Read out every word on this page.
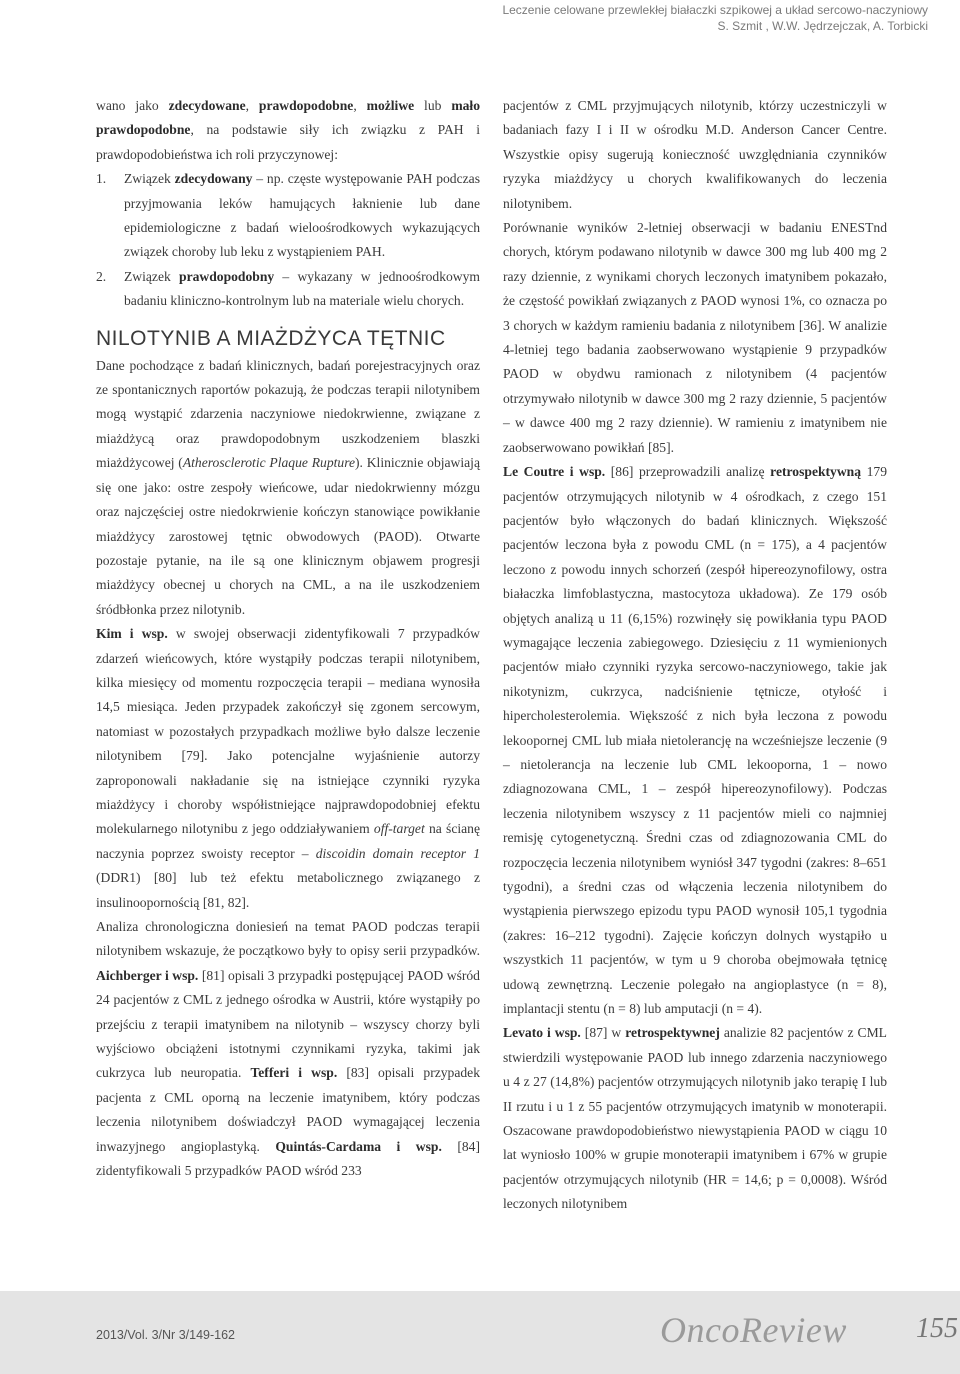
Leczenie celowane przewlekłej białaczki szpikowej a układ sercowo-naczyniowy
S. Szmit , W.W. Jędrzejczak, A. Torbicki

wano jako zdecydowane, prawdopodobne, możliwe lub mało prawdopodobne, na podstawie siły ich związku z PAH i prawdopodobieństwa ich roli przyczynowej:

1. Związek zdecydowany – np. częste występowanie PAH podczas przyjmowania leków hamujących łaknienie lub dane epidemiologiczne z badań wieloośrodkowych wykazujących związek choroby lub leku z wystąpieniem PAH.
2. Związek prawdopodobny – wykazany w jednoośrodkowym badaniu kliniczno-kontrolnym lub na materiale wielu chorych.
NILOTYNIB A MIAŻDŻYCA TĘTNIC

Dane pochodzące z badań klinicznych, badań porejestracyjnych oraz ze spontanicznych raportów pokazują, że podczas terapii nilotynibem mogą wystąpić zdarzenia naczyniowe niedokrwienne, związane z miażdżycą oraz prawdopodobnym uszkodzeniem blaszki miażdżycowej (Atherosclerotic Plaque Rupture). Klinicznie objawiają się one jako: ostre zespoły wieńcowe, udar niedokrwienny mózgu oraz najczęściej ostre niedokrwienie kończyn stanowiące powikłanie miażdżycy zarostowej tętnic obwodowych (PAOD). Otwarte pozostaje pytanie, na ile są one klinicznym objawem progresji miażdżycy obecnej u chorych na CML, a na ile uszkodzeniem śródbłonka przez nilotynib.

Kim i wsp. w swojej obserwacji zidentyfikowali 7 przypadków zdarzeń wieńcowych, które wystąpiły podczas terapii nilotynibem, kilka miesięcy od momentu rozpoczęcia terapii – mediana wynosiła 14,5 miesiąca. Jeden przypadek zakończył się zgonem sercowym, natomiast w pozostałych przypadkach możliwe było dalsze leczenie nilotynibem [79]. Jako potencjalne wyjaśnienie autorzy zaproponowali nakładanie się na istniejące czynniki ryzyka miażdżycy i choroby współistniejące najprawdopodobniej efektu molekularnego nilotynibu z jego oddziaływaniem off-target na ścianę naczynia poprzez swoisty receptor – discoidin domain receptor 1 (DDR1) [80] lub też efektu metabolicznego związanego z insulinoopornością [81, 82].

Analiza chronologiczna doniesień na temat PAOD podczas terapii nilotynibem wskazuje, że początkowo były to opisy serii przypadków. Aichberger i wsp. [81] opisali 3 przypadki postępującej PAOD wśród 24 pacjentów z CML z jednego ośrodka w Austrii, które wystąpiły po przejściu z terapii imatynibem na nilotynib – wszyscy chorzy byli wyjściowo obciążeni istotnymi czynnikami ryzyka, takimi jak cukrzyca lub neuropatia. Tefferi i wsp. [83] opisali przypadek pacjenta z CML oporną na leczenie imatynibem, który podczas leczenia nilotynibem doświadczył PAOD wymagającej leczenia inwazyjnego angioplastyką. Quintás-Cardama i wsp. [84] zidentyfikowali 5 przypadków PAOD wśród 233

pacjentów z CML przyjmujących nilotynib, którzy uczestniczyli w badaniach fazy I i II w ośrodku M.D. Anderson Cancer Centre. Wszystkie opisy sugerują konieczność uwzględniania czynników ryzyka miażdżycy u chorych kwalifikowanych do leczenia nilotynibem.

Porównanie wyników 2-letniej obserwacji w badaniu ENESTnd chorych, którym podawano nilotynib w dawce 300 mg lub 400 mg 2 razy dziennie, z wynikami chorych leczonych imatynibem pokazało, że częstość powikłań związanych z PAOD wynosi 1%, co oznacza po 3 chorych w każdym ramieniu badania z nilotynibem [36]. W analizie 4-letniej tego badania zaobserwowano wystąpienie 9 przypadków PAOD w obydwu ramionach z nilotynibem (4 pacjentów otrzymywało nilotynib w dawce 300 mg 2 razy dziennie, 5 pacjentów – w dawce 400 mg 2 razy dziennie). W ramieniu z imatynibem nie zaobserwowano powikłań [85].

Le Coutre i wsp. [86] przeprowadzili analizę retrospektywną 179 pacjentów otrzymujących nilotynib w 4 ośrodkach, z czego 151 pacjentów było włączonych do badań klinicznych. Większość pacjentów leczona była z powodu CML (n = 175), a 4 pacjentów leczono z powodu innych schorzeń (zespół hipereozynofilowy, ostra białaczka limfoblastyczna, mastocytoza układowa). Ze 179 osób objętych analizą u 11 (6,15%) rozwinęły się powikłania typu PAOD wymagające leczenia zabiegowego. Dziesięciu z 11 wymienionych pacjentów miało czynniki ryzyka sercowo-naczyniowego, takie jak nikotynizm, cukrzyca, nadciśnienie tętnicze, otyłość i hipercholesterolemia. Większość z nich była leczona z powodu lekoopornej CML lub miała nietolerancję na wcześniejsze leczenie (9 – nietolerancja na leczenie lub CML lekooporna, 1 – nowo zdiagnozowana CML, 1 – zespół hipereozynofilowy). Podczas leczenia nilotynibem wszyscy z 11 pacjentów mieli co najmniej remisję cytogenetyczną. Średni czas od zdiagnozowania CML do rozpoczęcia leczenia nilotynibem wyniósł 347 tygodni (zakres: 8–651 tygodni), a średni czas od włączenia leczenia nilotynibem do wystąpienia pierwszego epizodu typu PAOD wynosił 105,1 tygodnia (zakres: 16–212 tygodni). Zajęcie kończyn dolnych wystąpiło u wszystkich 11 pacjentów, w tym u 9 choroba obejmowała tętnicę udową zewnętrzną. Leczenie polegało na angioplastyce (n = 8), implantacji stentu (n = 8) lub amputacji (n = 4).

Levato i wsp. [87] w retrospektywnej analizie 82 pacjentów z CML stwierdzili występowanie PAOD lub innego zdarzenia naczyniowego u 4 z 27 (14,8%) pacjentów otrzymujących nilotynib jako terapię I lub II rzutu i u 1 z 55 pacjentów otrzymujących imatynib w monoterapii. Oszacowane prawdopodobieństwo niewystąpienia PAOD w ciągu 10 lat wyniosło 100% w grupie monoterapii imatynibem i 67% w grupie pacjentów otrzymujących nilotynib (HR = 14,6; p = 0,0008). Wśród leczonych nilotynibem

2013/Vol. 3/Nr 3/149-162	OncoReview 155
